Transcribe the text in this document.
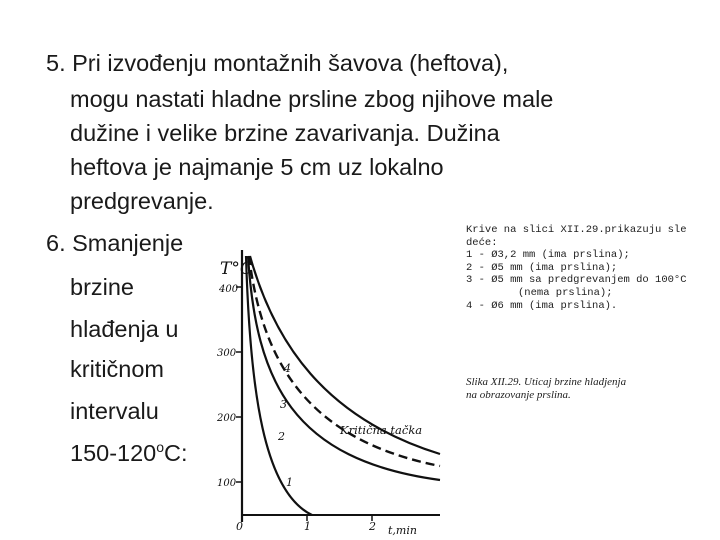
5. Pri izvođenju montažnih šavova (heftova),
mogu nastati hladne prsline zbog njihove male
dužine i velike brzine zavarivanja. Dužina
heftova je najmanje 5 cm uz lokalno
predgrevanje.
6. Smanjenje
brzine
hlađenja u
kritičnom
intervalu
150-120$^o$C:
T°C
t,min
400
300
200
100
0	1	2
1
2
3
4
Kritična tačka
Krive na slici XII.29.prikazuju sle
deće:
1 - Ø3,2 mm (ima prslina);
2 - Ø5 mm (ima prslina);
3 - Ø5 mm sa predgrevanjem do 100°C
(nema prslina);
4 - Ø6 mm (ima prslina).
Slika XII.29. Uticaj brzine hladjenja
na obrazovanje prslina.
